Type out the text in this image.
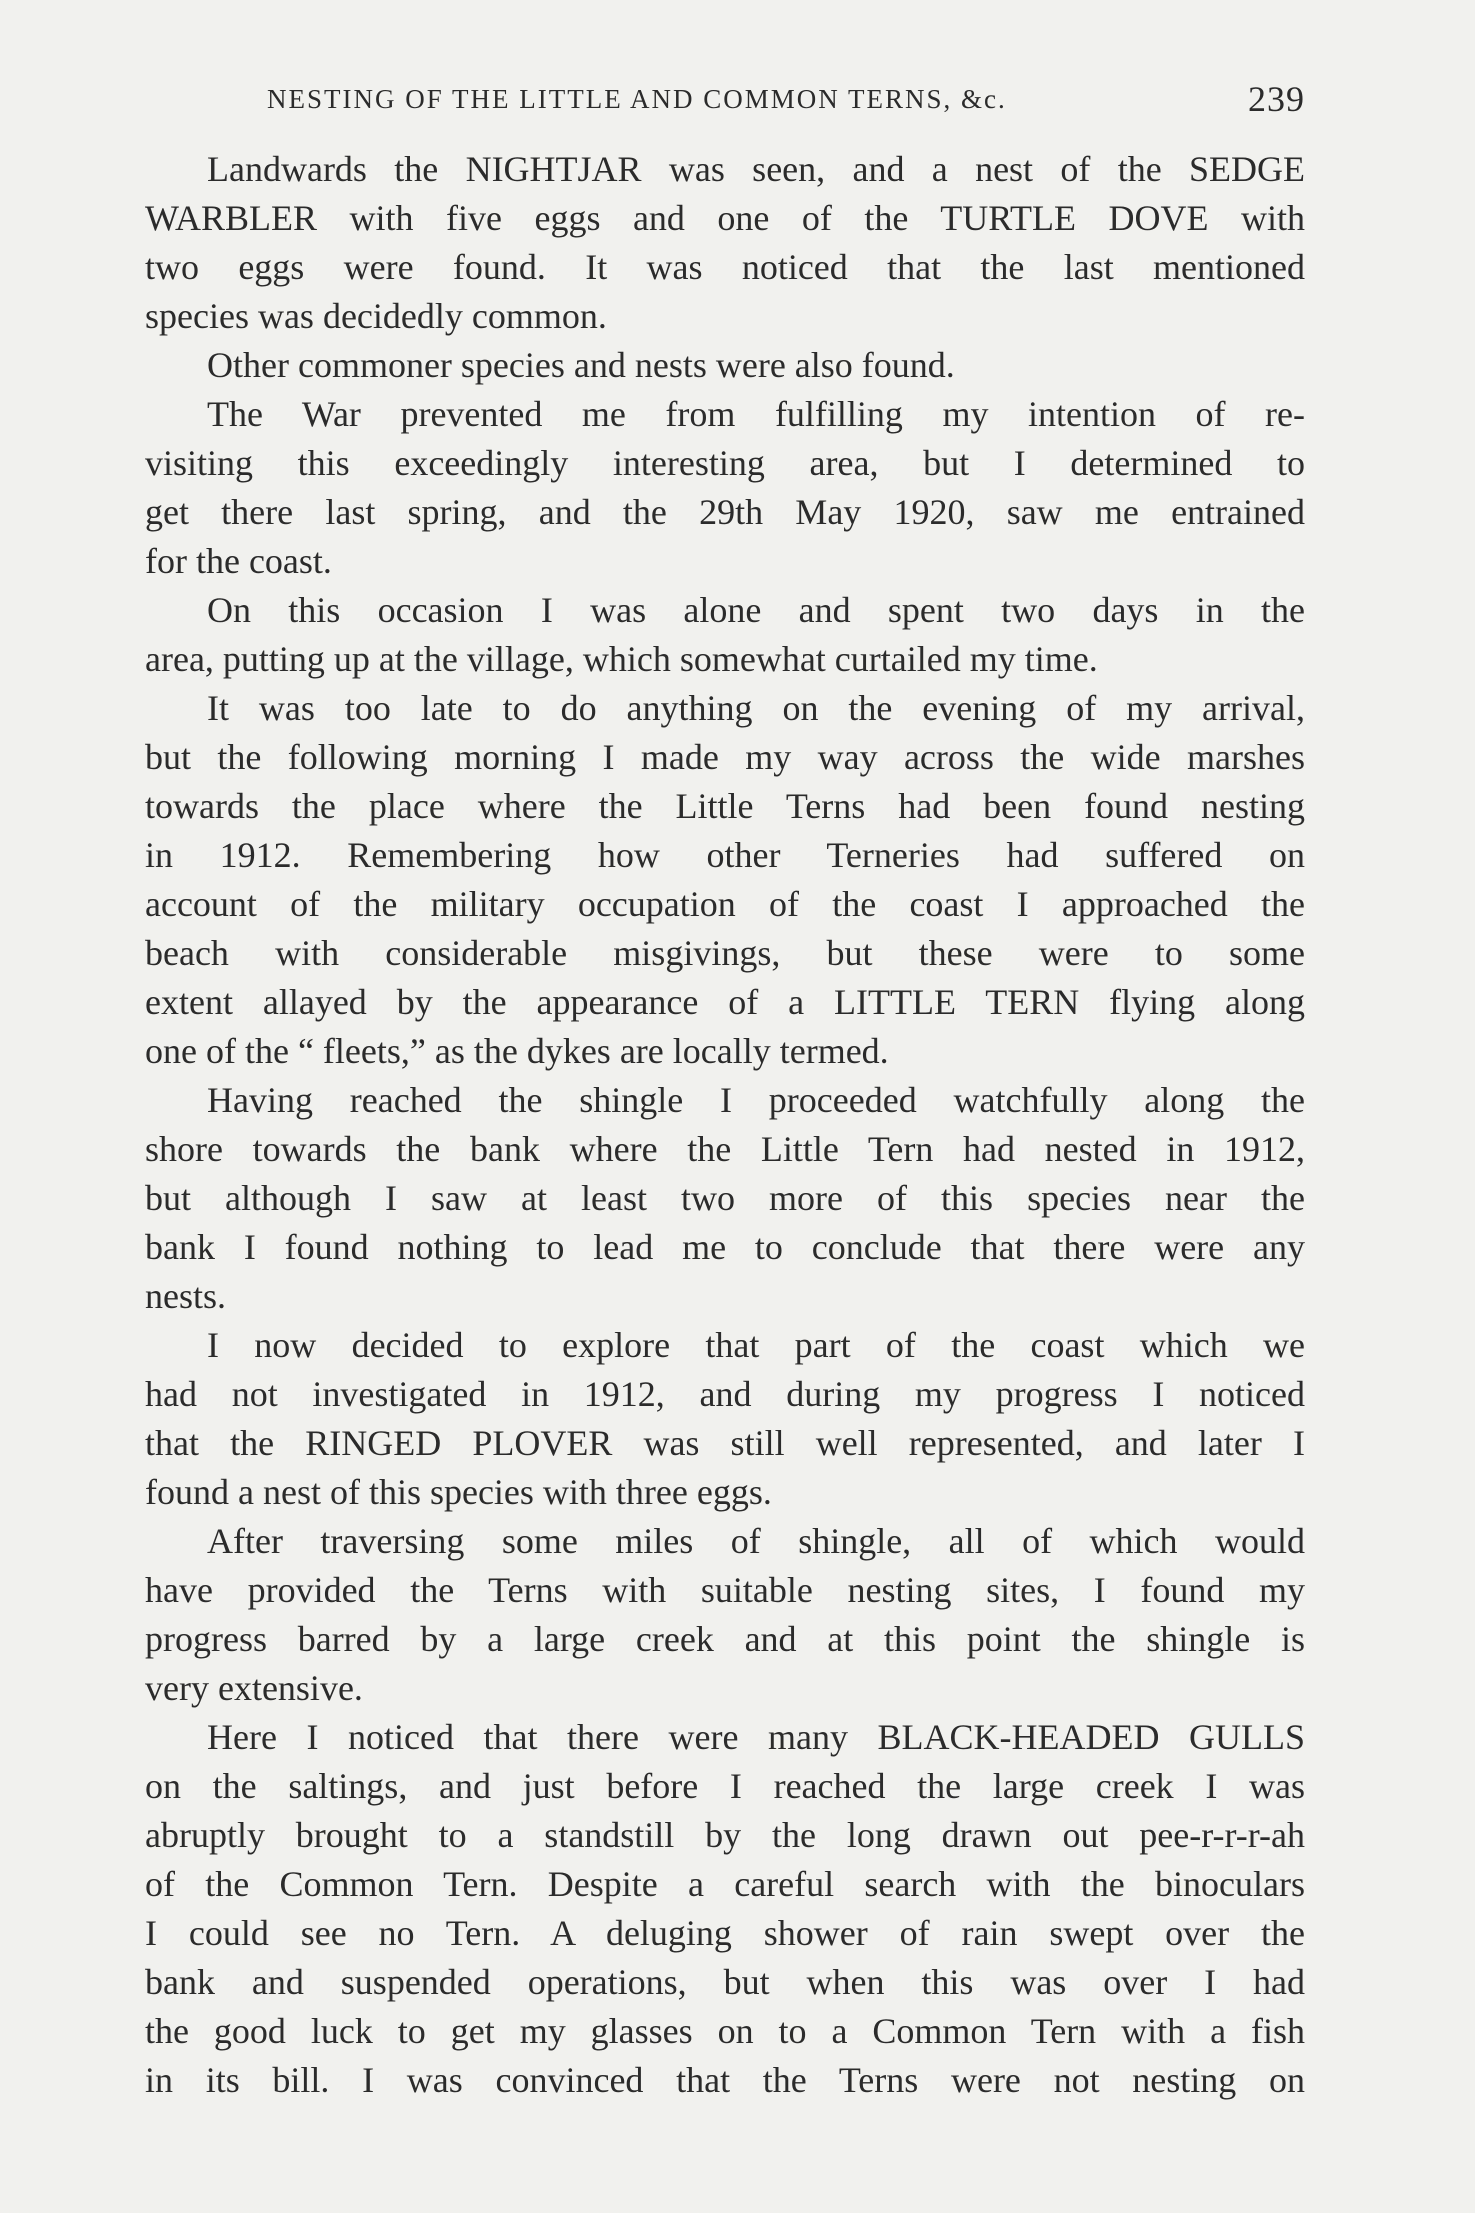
NESTING OF THE LITTLE AND COMMON TERNS, &c.	239
Landwards the NIGHTJAR was seen, and a nest of the SEDGE
WARBLER with five eggs and one of the TURTLE DOVE with
two eggs were found. It was noticed that the last mentioned
species was decidedly common.
Other commoner species and nests were also found.
The War prevented me from fulfilling my intention of re-
visiting this exceedingly interesting area, but I determined to
get there last spring, and the 29th May 1920, saw me entrained
for the coast.
On this occasion I was alone and spent two days in the
area, putting up at the village, which somewhat curtailed my time.
It was too late to do anything on the evening of my arrival,
but the following morning I made my way across the wide marshes
towards the place where the Little Terns had been found nesting
in 1912. Remembering how other Terneries had suffered on
account of the military occupation of the coast I approached the
beach with considerable misgivings, but these were to some
extent allayed by the appearance of a LITTLE TERN flying along
one of the “ fleets,” as the dykes are locally termed.
Having reached the shingle I proceeded watchfully along the
shore towards the bank where the Little Tern had nested in 1912,
but although I saw at least two more of this species near the
bank I found nothing to lead me to conclude that there were any
nests.
I now decided to explore that part of the coast which we
had not investigated in 1912, and during my progress I noticed
that the RINGED PLOVER was still well represented, and later I
found a nest of this species with three eggs.
After traversing some miles of shingle, all of which would
have provided the Terns with suitable nesting sites, I found my
progress barred by a large creek and at this point the shingle is
very extensive.
Here I noticed that there were many BLACK-HEADED GULLS
on the saltings, and just before I reached the large creek I was
abruptly brought to a standstill by the long drawn out pee-r-r-r-ah
of the Common Tern. Despite a careful search with the binoculars
I could see no Tern. A deluging shower of rain swept over the
bank and suspended operations, but when this was over I had
the good luck to get my glasses on to a Common Tern with a fish
in its bill. I was convinced that the Terns were not nesting on
